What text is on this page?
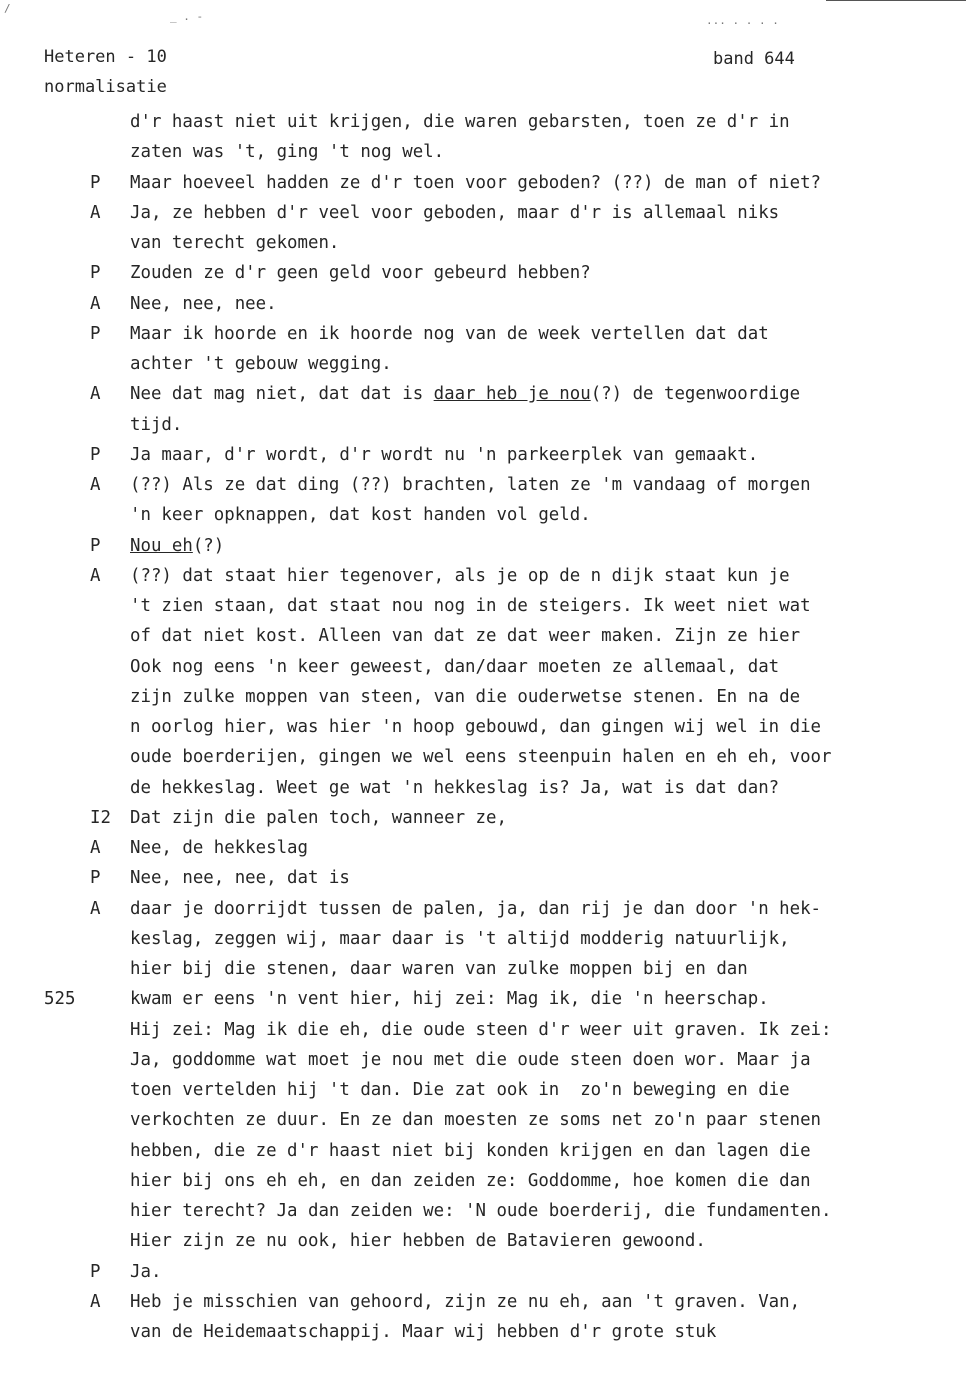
/
_ . -	... . . . .
Heteren - 10
normalisatie
band 644
d'r haast niet uit krijgen, die waren gebarsten, toen ze d'r in
zaten was 't, ging 't nog wel.
P	Maar hoeveel hadden ze d'r toen voor geboden? (??) de man of niet?
A	Ja, ze hebben d'r veel voor geboden, maar d'r is allemaal niks
van terecht gekomen.
P	Zouden ze d'r geen geld voor gebeurd hebben?
A	Nee, nee, nee.
P	Maar ik hoorde en ik hoorde nog van de week vertellen dat dat
achter 't gebouw wegging.
A	Nee dat mag niet, dat dat is daar heb je nou(?) de tegenwoordige
tijd.
P	Ja maar, d'r wordt, d'r wordt nu 'n parkeerplek van gemaakt.
A	(??) Als ze dat ding (??) brachten, laten ze 'm vandaag of morgen
'n keer opknappen, dat kost handen vol geld.
P	Nou eh(?)
A	(??) dat staat hier tegenover, als je op de n dijk staat kun je
't zien staan, dat staat nou nog in de steigers. Ik weet niet wat
of dat niet kost. Alleen van dat ze dat weer maken. Zijn ze hier
Ook nog eens 'n keer geweest, dan/daar moeten ze allemaal, dat
zijn zulke moppen van steen, van die ouderwetse stenen. En na de
n oorlog hier, was hier 'n hoop gebouwd, dan gingen wij wel in die
oude boerderijen, gingen we wel eens steenpuin halen en eh eh, voor
de hekkeslag. Weet ge wat 'n hekkeslag is? Ja, wat is dat dan?
I2	Dat zijn die palen toch, wanneer ze,
A	Nee, de hekkeslag
P	Nee, nee, nee, dat is
A	daar je doorrijdt tussen de palen, ja, dan rij je dan door 'n hek-
keslag, zeggen wij, maar daar is 't altijd modderig natuurlijk,
hier bij die stenen, daar waren van zulke moppen bij en dan
525	kwam er eens 'n vent hier, hij zei: Mag ik, die 'n heerschap.
Hij zei: Mag ik die eh, die oude steen d'r weer uit graven. Ik zei:
Ja, goddomme wat moet je nou met die oude steen doen wor. Maar ja
toen vertelden hij 't dan. Die zat ook in  zo'n beweging en die
verkochten ze duur. En ze dan moesten ze soms net zo'n paar stenen
hebben, die ze d'r haast niet bij konden krijgen en dan lagen die
hier bij ons eh eh, en dan zeiden ze: Goddomme, hoe komen die dan
hier terecht? Ja dan zeiden we: 'N oude boerderij, die fundamenten.
Hier zijn ze nu ook, hier hebben de Batavieren gewoond.
P	Ja.
A	Heb je misschien van gehoord, zijn ze nu eh, aan 't graven. Van,
van de Heidemaatschappij. Maar wij hebben d'r grote stuk
